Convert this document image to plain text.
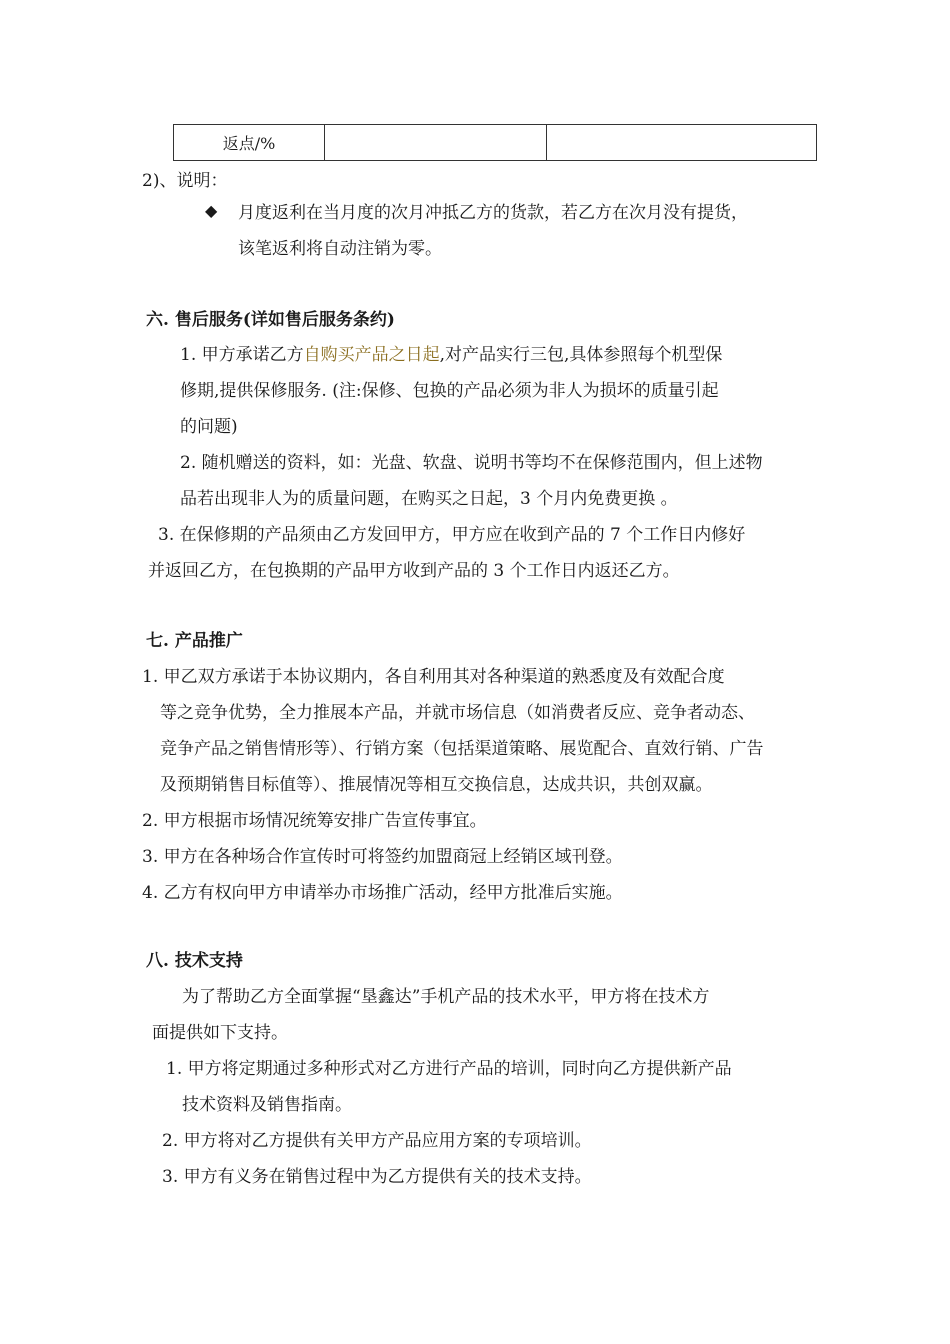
返点/%		
2)、说明：
◆ 月度返利在当月度的次月冲抵乙方的货款，若乙方在次月没有提货，
该笔返利将自动注销为零。
六. 售后服务(详如售后服务条约)
1. 甲方承诺乙方自购买产品之日起,对产品实行三包,具体参照每个机型保
修期,提供保修服务. (注:保修、包换的产品必须为非人为损坏的质量引起
的问题)
2. 随机赠送的资料，如：光盘、软盘、说明书等均不在保修范围内，但上述物
品若出现非人为的质量问题，在购买之日起，3 个月内免费更换 。
3. 在保修期的产品须由乙方发回甲方，甲方应在收到产品的 7 个工作日内修好
并返回乙方，在包换期的产品甲方收到产品的 3 个工作日内返还乙方。
七. 产品推广
1. 甲乙双方承诺于本协议期内，各自利用其对各种渠道的熟悉度及有效配合度
等之竞争优势，全力推展本产品，并就市场信息（如消费者反应、竞争者动态、
竞争产品之销售情形等）、行销方案（包括渠道策略、展览配合、直效行销、广告
及预期销售目标值等）、推展情况等相互交换信息，达成共识，共创双赢。
2. 甲方根据市场情况统筹安排广告宣传事宜。
3. 甲方在各种场合作宣传时可将签约加盟商冠上经销区域刊登。
4. 乙方有权向甲方申请举办市场推广活动，经甲方批准后实施。
八. 技术支持
为了帮助乙方全面掌握“垦鑫达”手机产品的技术水平，甲方将在技术方
面提供如下支持。
1. 甲方将定期通过多种形式对乙方进行产品的培训，同时向乙方提供新产品
技术资料及销售指南。
2. 甲方将对乙方提供有关甲方产品应用方案的专项培训。
3. 甲方有义务在销售过程中为乙方提供有关的技术支持。
